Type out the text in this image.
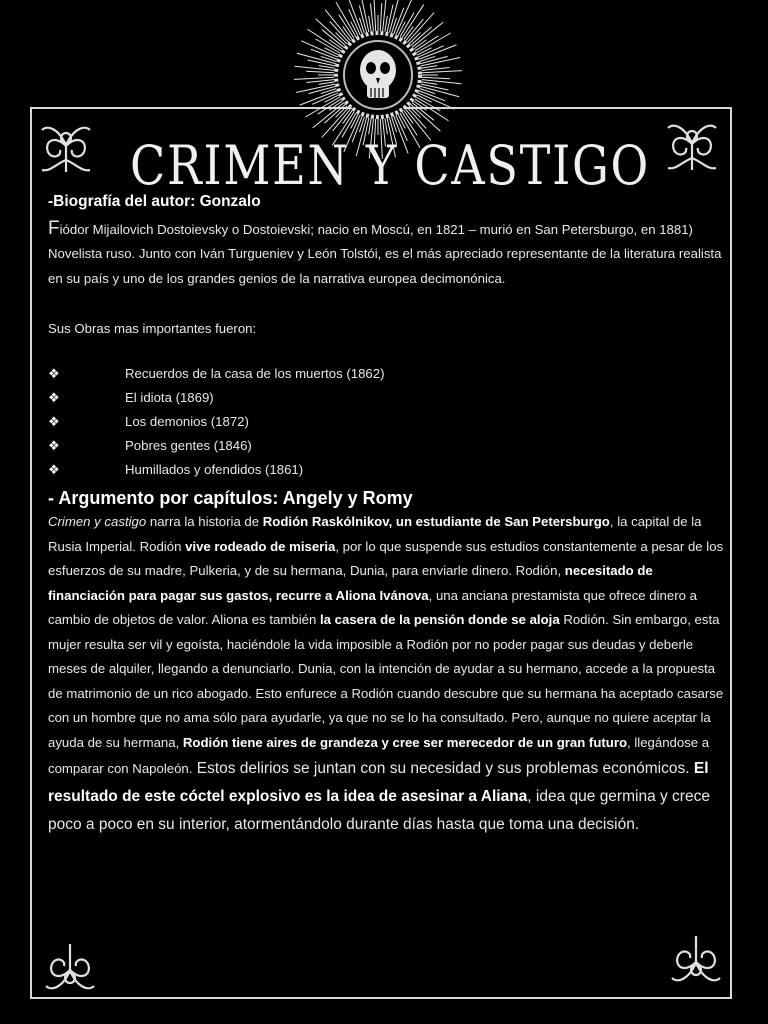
CRIMEN Y CASTIGO
-Biografía del autor: Gonzalo

Fiódor Mijailovich Dostoievsky o Dostoievski; nacio en Moscú, en 1821 – murió en San Petersburgo, en 1881) Novelista ruso. Junto con Iván Turgueniev y León Tolstói, es el más apreciado representante de la literatura realista en su país y uno de los grandes genios de la narrativa europea decimonónica.

Sus Obras mas importantes fueron:

❖	Recuerdos de la casa de los muertos (1862)
❖	El idiota (1869)
❖	Los demonios (1872)
❖	Pobres gentes (1846)
❖	Humillados y ofendidos (1861)
- Argumento por capítulos: Angely y Romy

Crimen y castigo narra la historia de Rodión Raskólnikov, un estudiante de San Petersburgo, la capital de la Rusia Imperial. Rodión vive rodeado de miseria, por lo que suspende sus estudios constantemente a pesar de los esfuerzos de su madre, Pulkeria, y de su hermana, Dunia, para enviarle dinero. Rodión, necesitado de financiación para pagar sus gastos, recurre a Aliona Ivánova, una anciana prestamista que ofrece dinero a cambio de objetos de valor. Aliona es también la casera de la pensión donde se aloja Rodión. Sin embargo, esta mujer resulta ser vil y egoísta, haciéndole la vida imposible a Rodión por no poder pagar sus deudas y deberle meses de alquiler, llegando a denunciarlo. Dunia, con la intención de ayudar a su hermano, accede a la propuesta de matrimonio de un rico abogado. Esto enfurece a Rodión cuando descubre que su hermana ha aceptado casarse con un hombre que no ama sólo para ayudarle, ya que no se lo ha consultado. Pero, aunque no quiere aceptar la ayuda de su hermana, Rodión tiene aires de grandeza y cree ser merecedor de un gran futuro, llegándose a comparar con Napoleón. Estos delirios se juntan con su necesidad y sus problemas económicos. El resultado de este cóctel explosivo es la idea de asesinar a Aliana, idea que germina y crece poco a poco en su interior, atormentándolo durante días hasta que toma una decisión.
